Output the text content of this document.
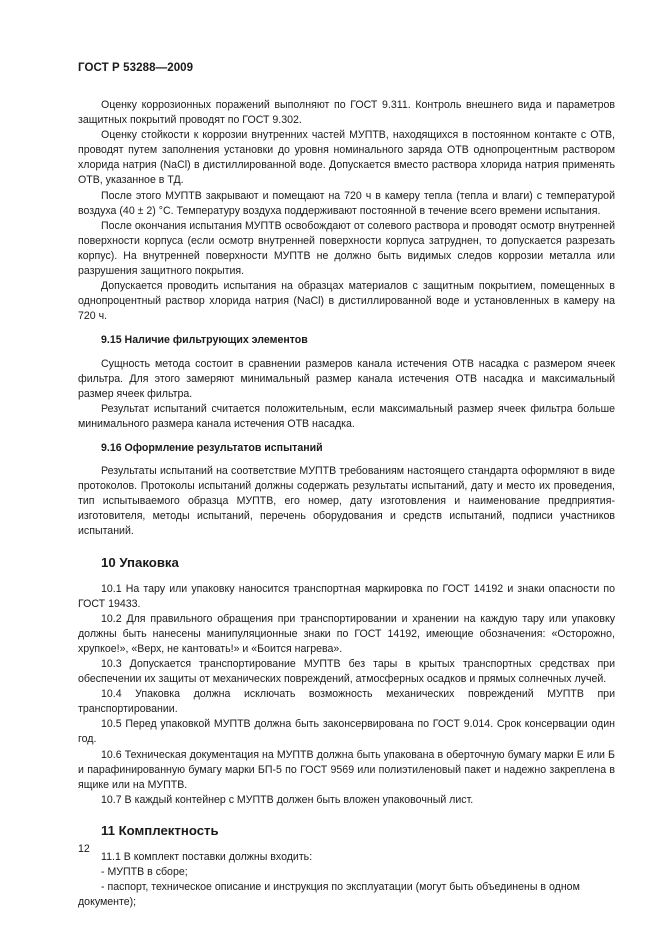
ГОСТ Р 53288—2009

Оценку коррозионных поражений выполняют по ГОСТ 9.311. Контроль внешнего вида и параметров защитных покрытий проводят по ГОСТ 9.302.

Оценку стойкости к коррозии внутренних частей МУПТВ, находящихся в постоянном контакте с ОТВ, проводят путем заполнения установки до уровня номинального заряда ОТВ однопроцентным раствором хлорида натрия (NaCl) в дистиллированной воде. Допускается вместо раствора хлорида натрия применять ОТВ, указанное в ТД.

После этого МУПТВ закрывают и помещают на 720 ч в камеру тепла (тепла и влаги) с температурой воздуха (40 ± 2) °С. Температуру воздуха поддерживают постоянной в течение всего времени испытания.

После окончания испытания МУПТВ освобождают от солевого раствора и проводят осмотр внутренней поверхности корпуса (если осмотр внутренней поверхности корпуса затруднен, то допускается разрезать корпус). На внутренней поверхности МУПТВ не должно быть видимых следов коррозии металла или разрушения защитного покрытия.

Допускается проводить испытания на образцах материалов с защитным покрытием, помещенных в однопроцентный раствор хлорида натрия (NaCl) в дистиллированной воде и установленных в камеру на 720 ч.

9.15 Наличие фильтрующих элементов

Сущность метода состоит в сравнении размеров канала истечения ОТВ насадка с размером ячеек фильтра. Для этого замеряют минимальный размер канала истечения ОТВ насадка и максимальный размер ячеек фильтра.

Результат испытаний считается положительным, если максимальный размер ячеек фильтра больше минимального размера канала истечения ОТВ насадка.

9.16 Оформление результатов испытаний

Результаты испытаний на соответствие МУПТВ требованиям настоящего стандарта оформляют в виде протоколов. Протоколы испытаний должны содержать результаты испытаний, дату и место их проведения, тип испытываемого образца МУПТВ, его номер, дату изготовления и наименование предприятия-изготовителя, методы испытаний, перечень оборудования и средств испытаний, подписи участников испытаний.

10 Упаковка

10.1 На тару или упаковку наносится транспортная маркировка по ГОСТ 14192 и знаки опасности по ГОСТ 19433.

10.2 Для правильного обращения при транспортировании и хранении на каждую тару или упаковку должны быть нанесены манипуляционные знаки по ГОСТ 14192, имеющие обозначения: «Осторожно, хрупкое!», «Верх, не кантовать!» и «Боится нагрева».

10.3 Допускается транспортирование МУПТВ без тары в крытых транспортных средствах при обеспечении их защиты от механических повреждений, атмосферных осадков и прямых солнечных лучей.

10.4 Упаковка должна исключать возможность механических повреждений МУПТВ при транспортировании.

10.5 Перед упаковкой МУПТВ должна быть законсервирована по ГОСТ 9.014. Срок консервации один год.

10.6 Техническая документация на МУПТВ должна быть упакована в оберточную бумагу марки Е или Б и парафинированную бумагу марки БП-5 по ГОСТ 9569 или полиэтиленовый пакет и надежно закреплена в ящике или на МУПТВ.

10.7 В каждый контейнер с МУПТВ должен быть вложен упаковочный лист.

11 Комплектность

11.1 В комплект поставки должны входить:

- МУПТВ в сборе;

- паспорт, техническое описание и инструкция по эксплуатации (могут быть объединены в одном

документе);

12
